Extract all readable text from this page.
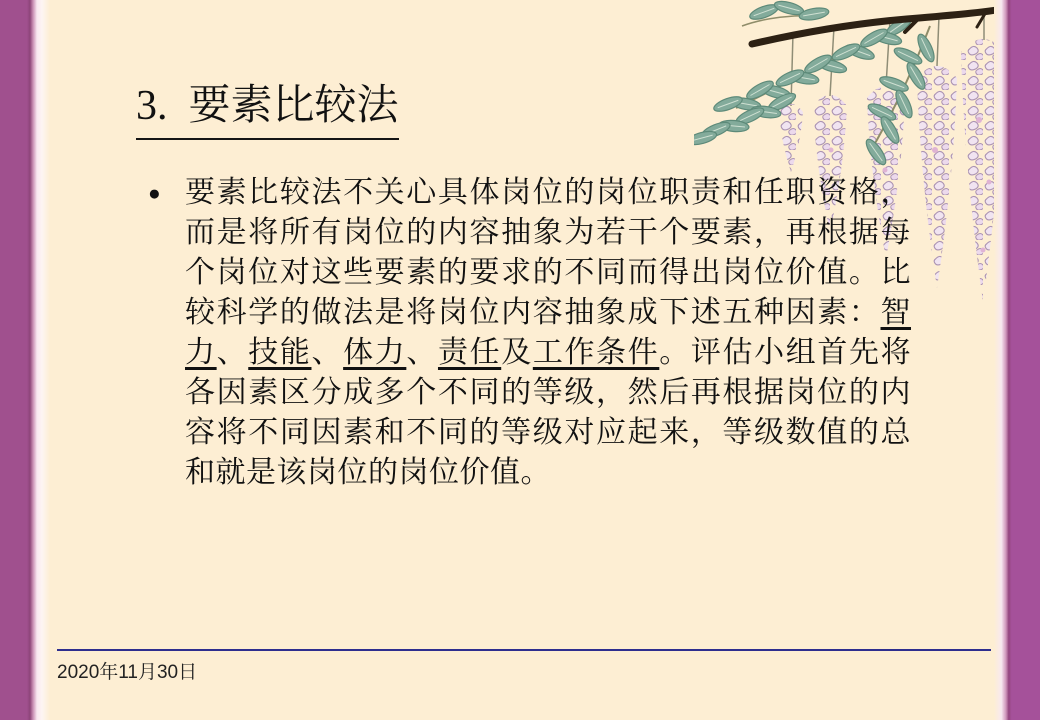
3.  要素比较法
● 要素比较法不关心具体岗位的岗位职责和任职资格，而是将所有岗位的内容抽象为若干个要素，再根据每个岗位对这些要素的要求的不同而得出岗位价值。比较科学的做法是将岗位内容抽象成下述五种因素：智力、技能、体力、责任及工作条件。评估小组首先将各因素区分成多个不同的等级，然后再根据岗位的内容将不同因素和不同的等级对应起来，等级数值的总和就是该岗位的岗位价值。

2020年11月30日
